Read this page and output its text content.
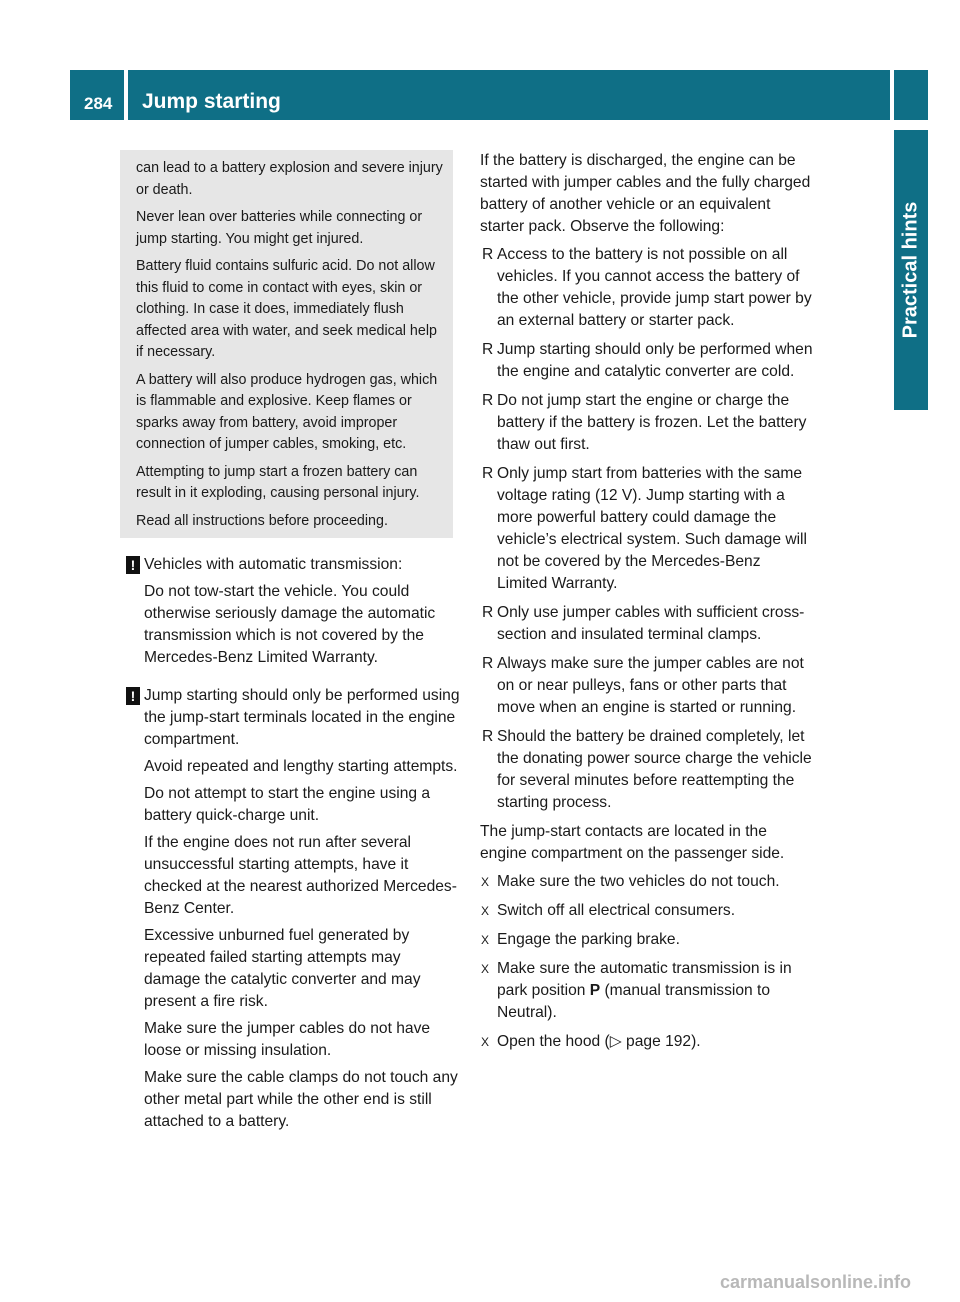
284 Jump starting
Practical hints

can lead to a battery explosion and severe injury or death.

Never lean over batteries while connecting or jump starting. You might get injured.

Battery fluid contains sulfuric acid. Do not allow this fluid to come in contact with eyes, skin or clothing. In case it does, immediately flush affected area with water, and seek medical help if necessary.

A battery will also produce hydrogen gas, which is flammable and explosive. Keep flames or sparks away from battery, avoid improper connection of jumper cables, smoking, etc.

Attempting to jump start a frozen battery can result in it exploding, causing personal injury.

Read all instructions before proceeding.

! Vehicles with automatic transmission:

Do not tow-start the vehicle. You could otherwise seriously damage the automatic transmission which is not covered by the Mercedes-Benz Limited Warranty.

! Jump starting should only be performed using the jump-start terminals located in the engine compartment.

Avoid repeated and lengthy starting attempts.

Do not attempt to start the engine using a battery quick-charge unit.

If the engine does not run after several unsuccessful starting attempts, have it checked at the nearest authorized Mercedes-Benz Center.

Excessive unburned fuel generated by repeated failed starting attempts may damage the catalytic converter and may present a fire risk.

Make sure the jumper cables do not have loose or missing insulation.

Make sure the cable clamps do not touch any other metal part while the other end is still attached to a battery.

If the battery is discharged, the engine can be started with jumper cables and the fully charged battery of another vehicle or an equivalent starter pack. Observe the following:

R Access to the battery is not possible on all vehicles. If you cannot access the battery of the other vehicle, provide jump start power by an external battery or starter pack.
R Jump starting should only be performed when the engine and catalytic converter are cold.
R Do not jump start the engine or charge the battery if the battery is frozen. Let the battery thaw out first.
R Only jump start from batteries with the same voltage rating (12 V). Jump starting with a more powerful battery could damage the vehicle’s electrical system. Such damage will not be covered by the Mercedes-Benz Limited Warranty.
R Only use jumper cables with sufficient cross-section and insulated terminal clamps.
R Always make sure the jumper cables are not on or near pulleys, fans or other parts that move when an engine is started or running.
R Should the battery be drained completely, let the donating power source charge the vehicle for several minutes before reattempting the starting process.

The jump-start contacts are located in the engine compartment on the passenger side.

X Make sure the two vehicles do not touch.
X Switch off all electrical consumers.
X Engage the parking brake.
X Make sure the automatic transmission is in park position P (manual transmission to Neutral).
X Open the hood (▷ page 192).
carmanualsonline.info
